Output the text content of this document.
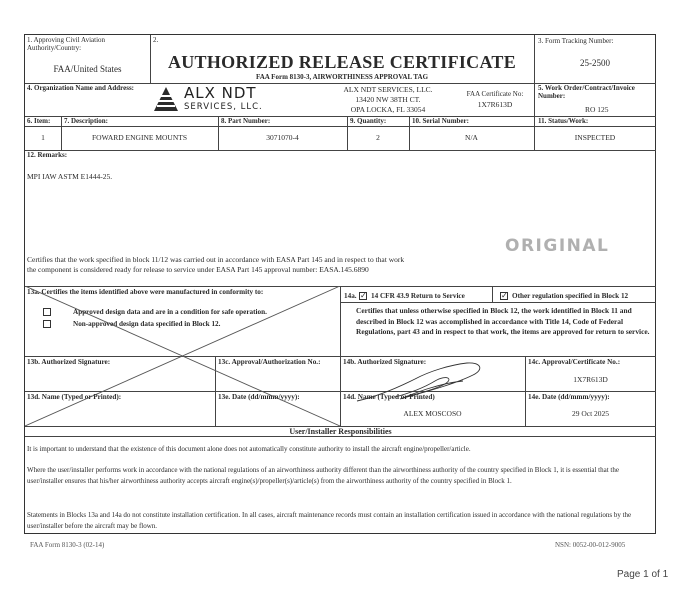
1. Approving Civil Aviation Authority/Country:
FAA/United States
2.
AUTHORIZED RELEASE CERTIFICATE
FAA Form 8130-3, AIRWORTHINESS APPROVAL TAG
3. Form Tracking Number:
25-2500
4. Organization Name and Address:	ALX NDT
SERVICES, LLC.
ALX NDT SERVICES, LLC.
13420 NW 38TH CT.
OPA LOCKA, FL 33054
FAA Certificate No:
1X7R613D
5. Work Order/Contract/Invoice Number:
RO 125
6. Item: 7. Description:	8. Part Number:	9. Quantity:	10. Serial Number:	11. Status/Work:
1	FOWARD ENGINE MOUNTS	3071070-4	2	N/A	INSPECTED
12. Remarks:
MPI IAW ASTM E1444-25.
ORIGINAL
Certifies that the work specified in block 11/12 was carried out in accordance with EASA Part 145 and in respect to that work
the component is considered ready for release to service under EASA Part 145 approval number: EASA.145.6890
13a. Certifies the items identified above were manufactured in conformity to:
Approved design data and are in a condition for safe operation.
Non-approved design data specified in Block 12.
14a. ✓ 14 CFR 43.9 Return to Service ✓	Other regulation specified in Block 12
Certifies that unless otherwise specified in Block 12, the work identified in Block 11 and described in Block 12 was accomplished in accordance with Title 14, Code of Federal Regulations, part 43 and in respect to that work, the items are approved for return to service.
13b. Authorized Signature:	13c. Approval/Authorization No.:	14b. Authorized Signature:	14c. Approval/Certificate No.:
1X7R613D
13d. Name (Typed or Printed):	13e. Date (dd/mmm/yyyy):	14d. Name (Typed or Printed)
ALEX MOSCOSO
14e. Date (dd/mmm/yyyy):
29 Oct 2025
User/Installer Responsibilities
It is important to understand that the existence of this document alone does not automatically constitute authority to install the aircraft engine/propeller/article.
Where the user/installer performs work in accordance with the national regulations of an airworthiness authority different than the airworthiness authority of the country specified in Block 1, it is essential that the user/installer ensures that his/her airworthiness authority accepts aircraft engine(s)/propeller(s)/article(s) from the airworthiness authority of the country specified in Block 1.
Statements in Blocks 13a and 14a do not constitute installation certification. In all cases, aircraft maintenance records must contain an installation certification issued in accordance with the national regulations by the user/installer before the aircraft may be flown.
FAA Form 8130-3 (02-14)	NSN: 0052-00-012-9005
Page 1 of 1
